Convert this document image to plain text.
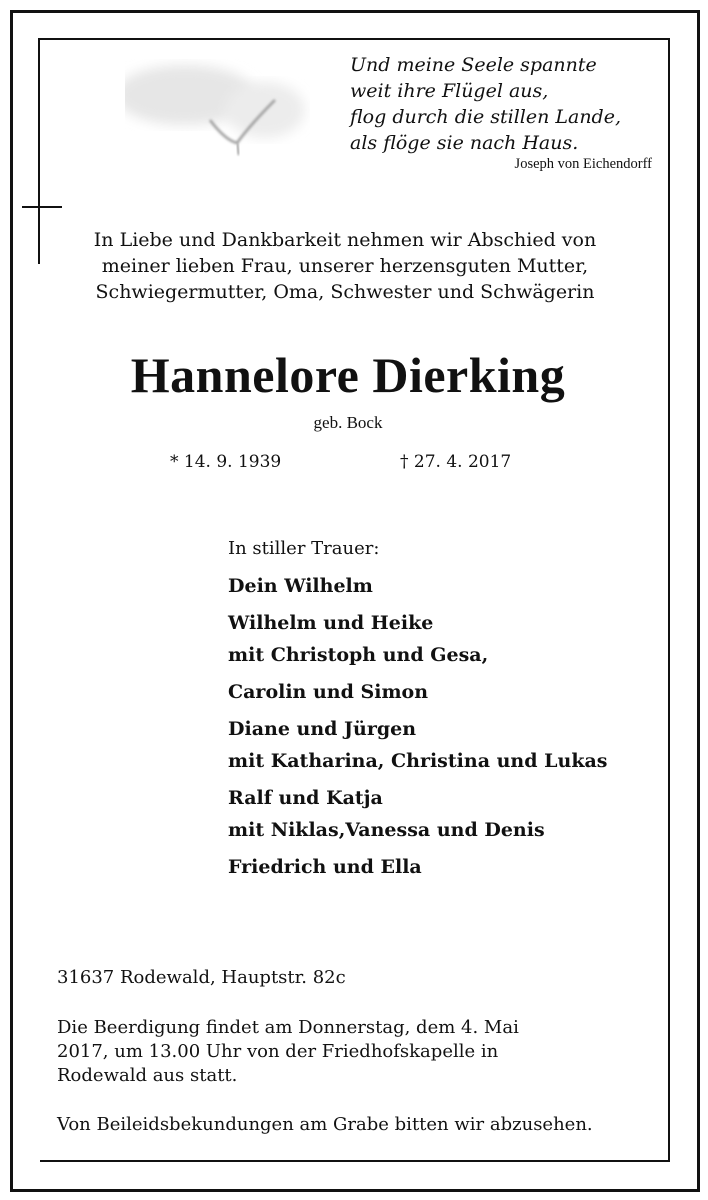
Und meine Seele spannte
weit ihre Flügel aus,
flog durch die stillen Lande,
als flöge sie nach Haus.
Joseph von Eichendorff
In Liebe und Dankbarkeit nehmen wir Abschied von
meiner lieben Frau, unserer herzensguten Mutter,
Schwiegermutter, Oma, Schwester und Schwägerin
Hannelore Dierking
geb. Bock
* 14. 9. 1939	† 27. 4. 2017
In stiller Trauer:
Dein Wilhelm
Wilhelm und Heike
mit Christoph und Gesa,
Carolin und Simon
Diane und Jürgen
mit Katharina, Christina und Lukas
Ralf und Katja
mit Niklas,Vanessa und Denis
Friedrich und Ella
31637 Rodewald, Hauptstr. 82c
Die Beerdigung findet am Donnerstag, dem 4. Mai
2017, um 13.00 Uhr von der Friedhofskapelle in
Rodewald aus statt.
Von Beileidsbekundungen am Grabe bitten wir abzusehen.
